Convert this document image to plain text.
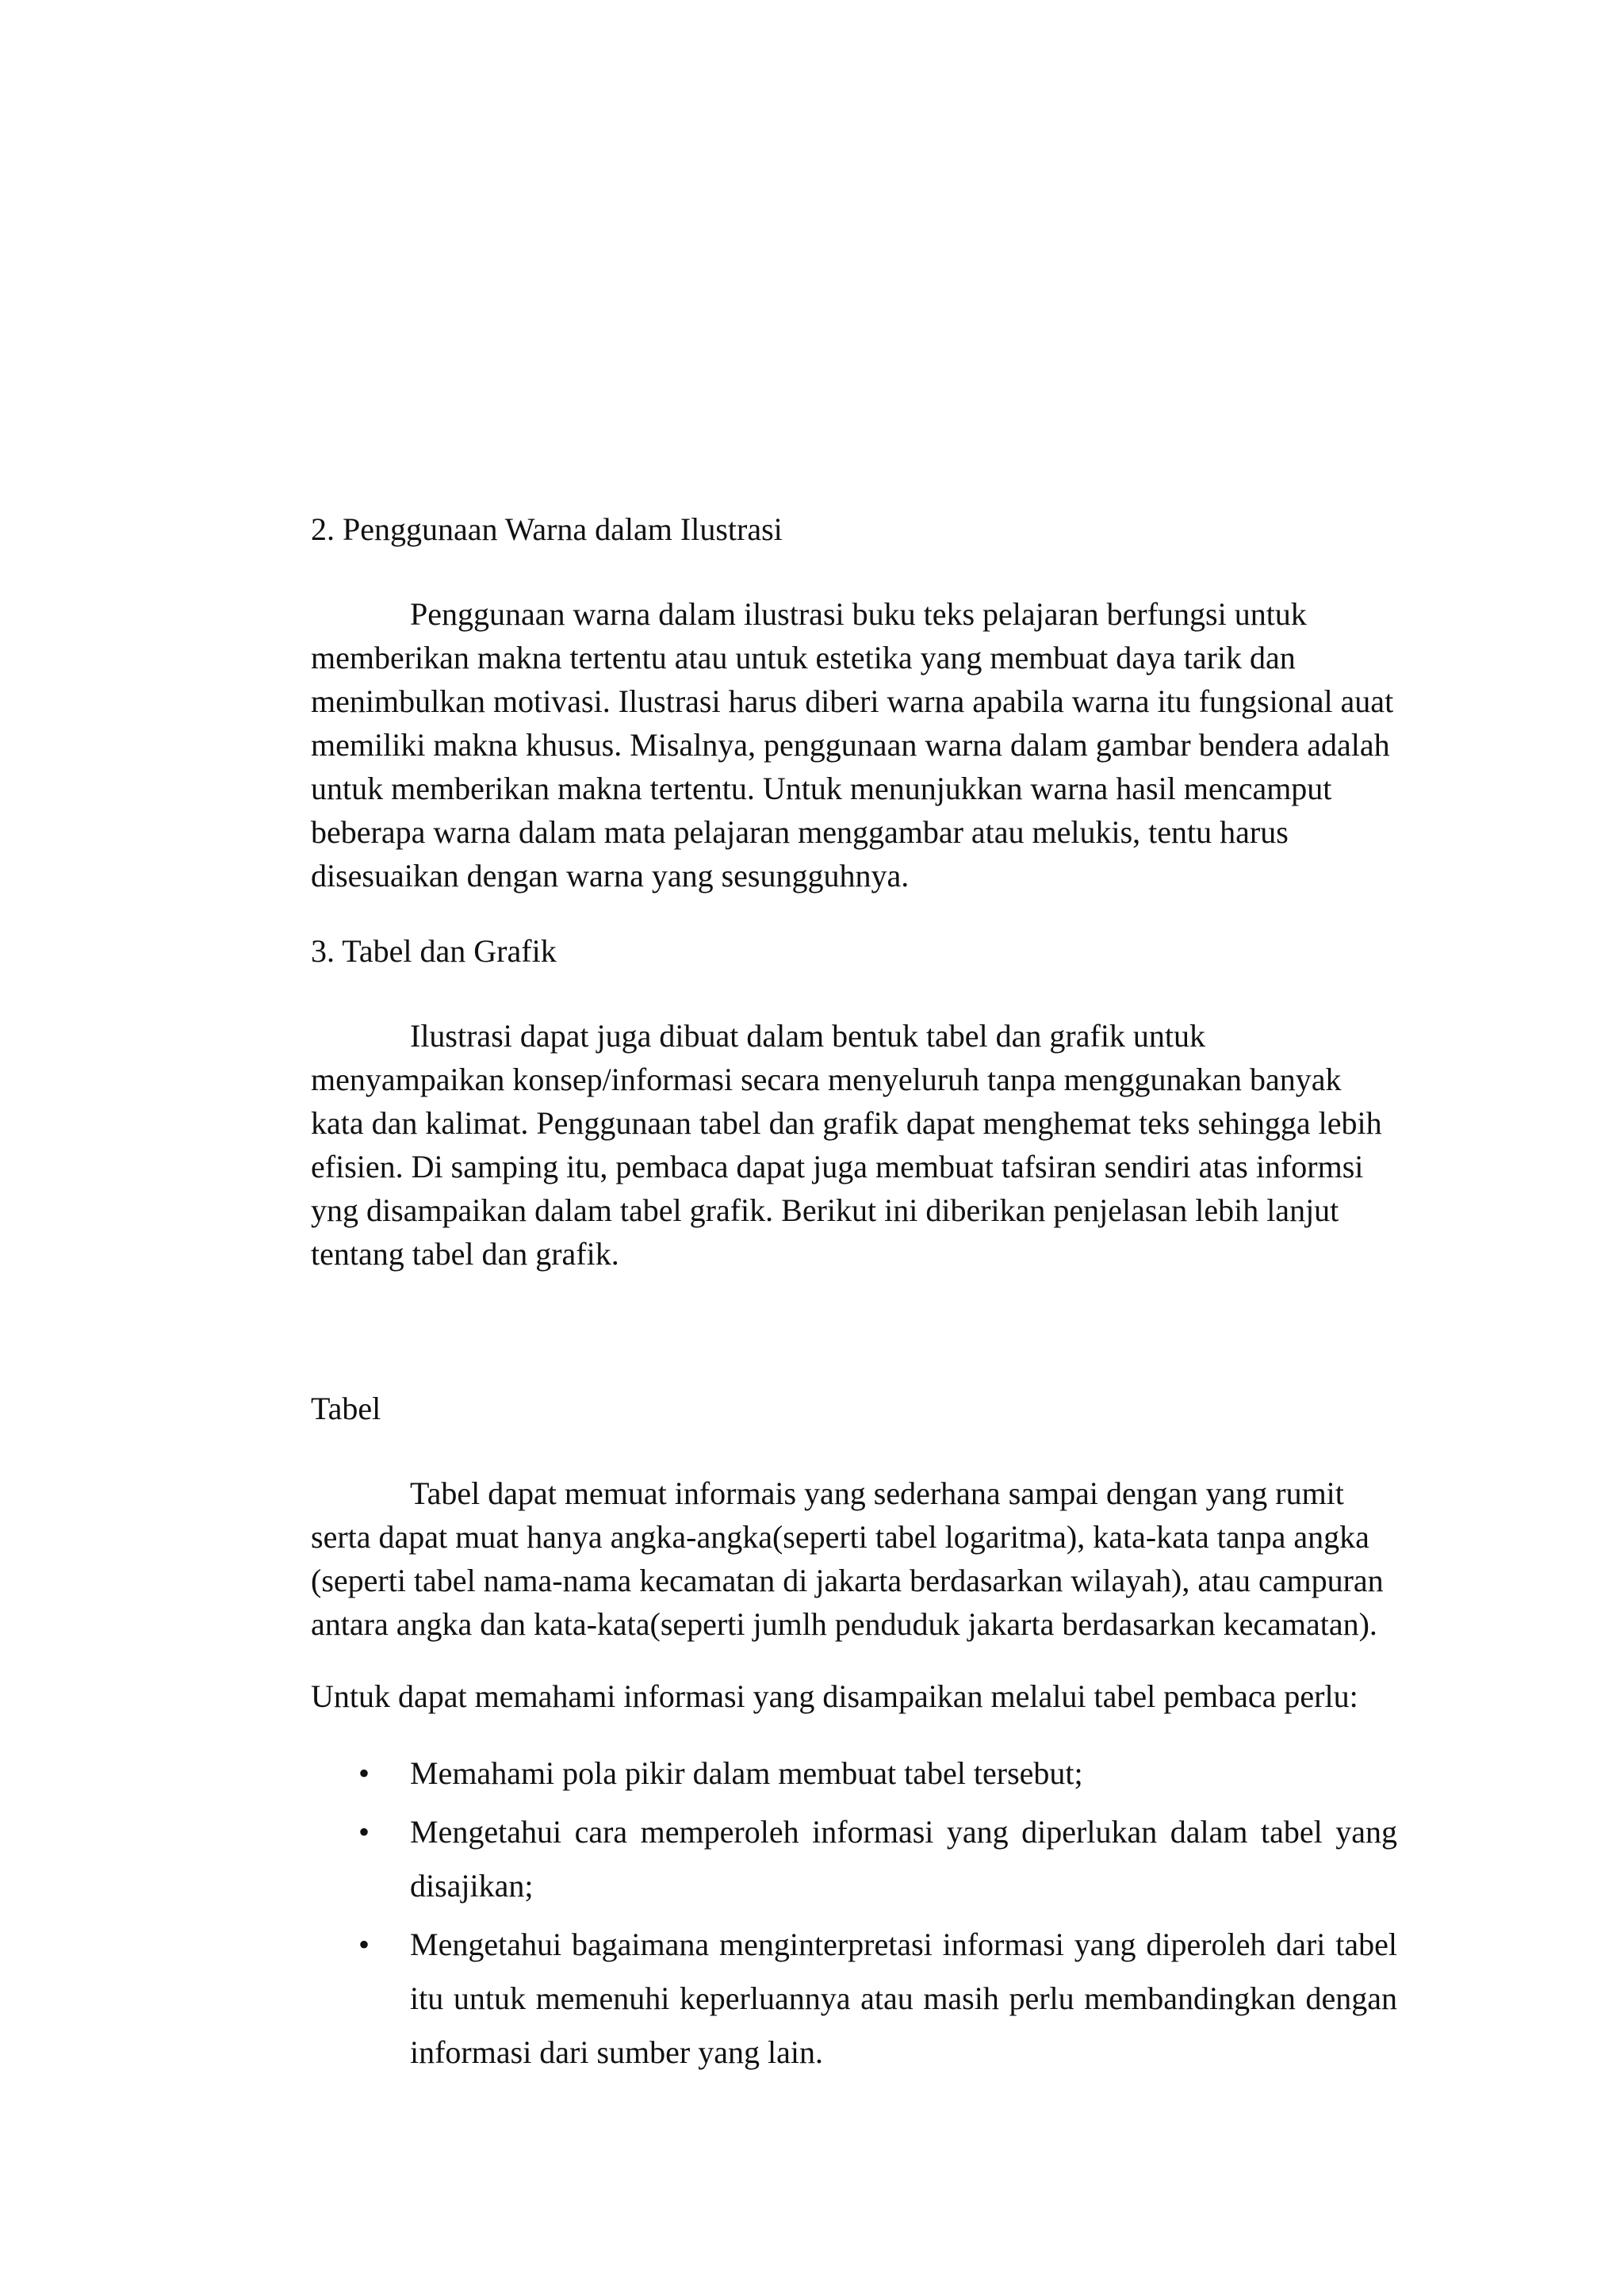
2. Penggunaan Warna dalam Ilustrasi

Penggunaan warna dalam ilustrasi buku teks pelajaran berfungsi untuk memberikan makna tertentu atau untuk estetika yang membuat daya tarik dan menimbulkan motivasi. Ilustrasi harus diberi warna apabila warna itu fungsional auat memiliki makna khusus. Misalnya, penggunaan warna dalam gambar bendera adalah untuk memberikan makna tertentu. Untuk menunjukkan warna hasil mencamput beberapa warna dalam mata pelajaran menggambar atau melukis, tentu harus disesuaikan dengan warna yang sesungguhnya.

3. Tabel dan Grafik

Ilustrasi dapat juga dibuat dalam bentuk tabel dan grafik untuk menyampaikan konsep/informasi secara menyeluruh tanpa menggunakan banyak kata dan kalimat. Penggunaan tabel dan grafik dapat menghemat teks sehingga lebih efisien. Di samping itu, pembaca dapat juga membuat tafsiran sendiri atas informsi yng disampaikan dalam tabel grafik. Berikut ini diberikan penjelasan lebih lanjut tentang tabel dan grafik.

Tabel

Tabel dapat memuat informais yang sederhana sampai dengan yang rumit serta dapat muat hanya angka-angka(seperti tabel logaritma), kata-kata tanpa angka (seperti tabel nama-nama kecamatan di jakarta berdasarkan wilayah), atau campuran antara angka dan kata-kata(seperti jumlh penduduk jakarta berdasarkan kecamatan).

Untuk dapat memahami informasi yang disampaikan melalui tabel pembaca perlu:

• Memahami pola pikir dalam membuat tabel tersebut;
• Mengetahui cara memperoleh informasi yang diperlukan dalam tabel yang disajikan;
• Mengetahui bagaimana menginterpretasi informasi yang diperoleh dari tabel itu untuk memenuhi keperluannya atau masih perlu membandingkan dengan informasi dari sumber yang lain.
